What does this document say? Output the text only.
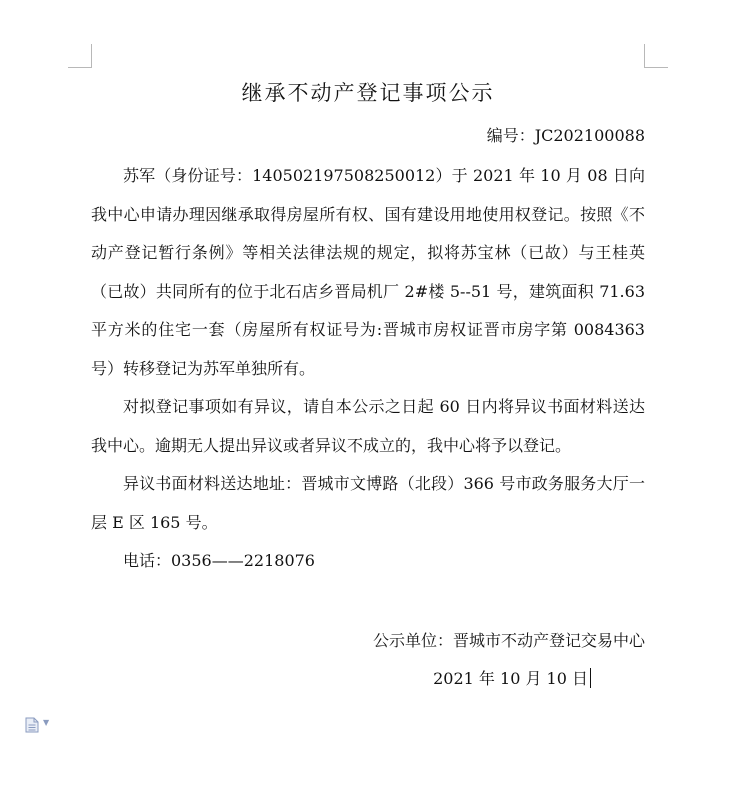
继承不动产登记事项公示
编号：JC202100088

苏军（身份证号：140502197508250012）于 2021 年 10 月 08 日向我中心申请办理因继承取得房屋所有权、国有建设用地使用权登记。按照《不动产登记暂行条例》等相关法律法规的规定，拟将苏宝林（已故）与王桂英（已故）共同所有的位于北石店乡晋局机厂 2#楼 5--51 号，建筑面积 71.63 平方米的住宅一套（房屋所有权证号为:晋城市房权证晋市房字第 0084363 号）转移登记为苏军单独所有。

对拟登记事项如有异议，请自本公示之日起 60 日内将异议书面材料送达我中心。逾期无人提出异议或者异议不成立的，我中心将予以登记。

异议书面材料送达地址：晋城市文博路（北段）366 号市政务服务大厅一层 E 区 165 号。

电话：0356——2218076

公示单位：晋城市不动产登记交易中心

2021 年 10 月 10 日

▼
